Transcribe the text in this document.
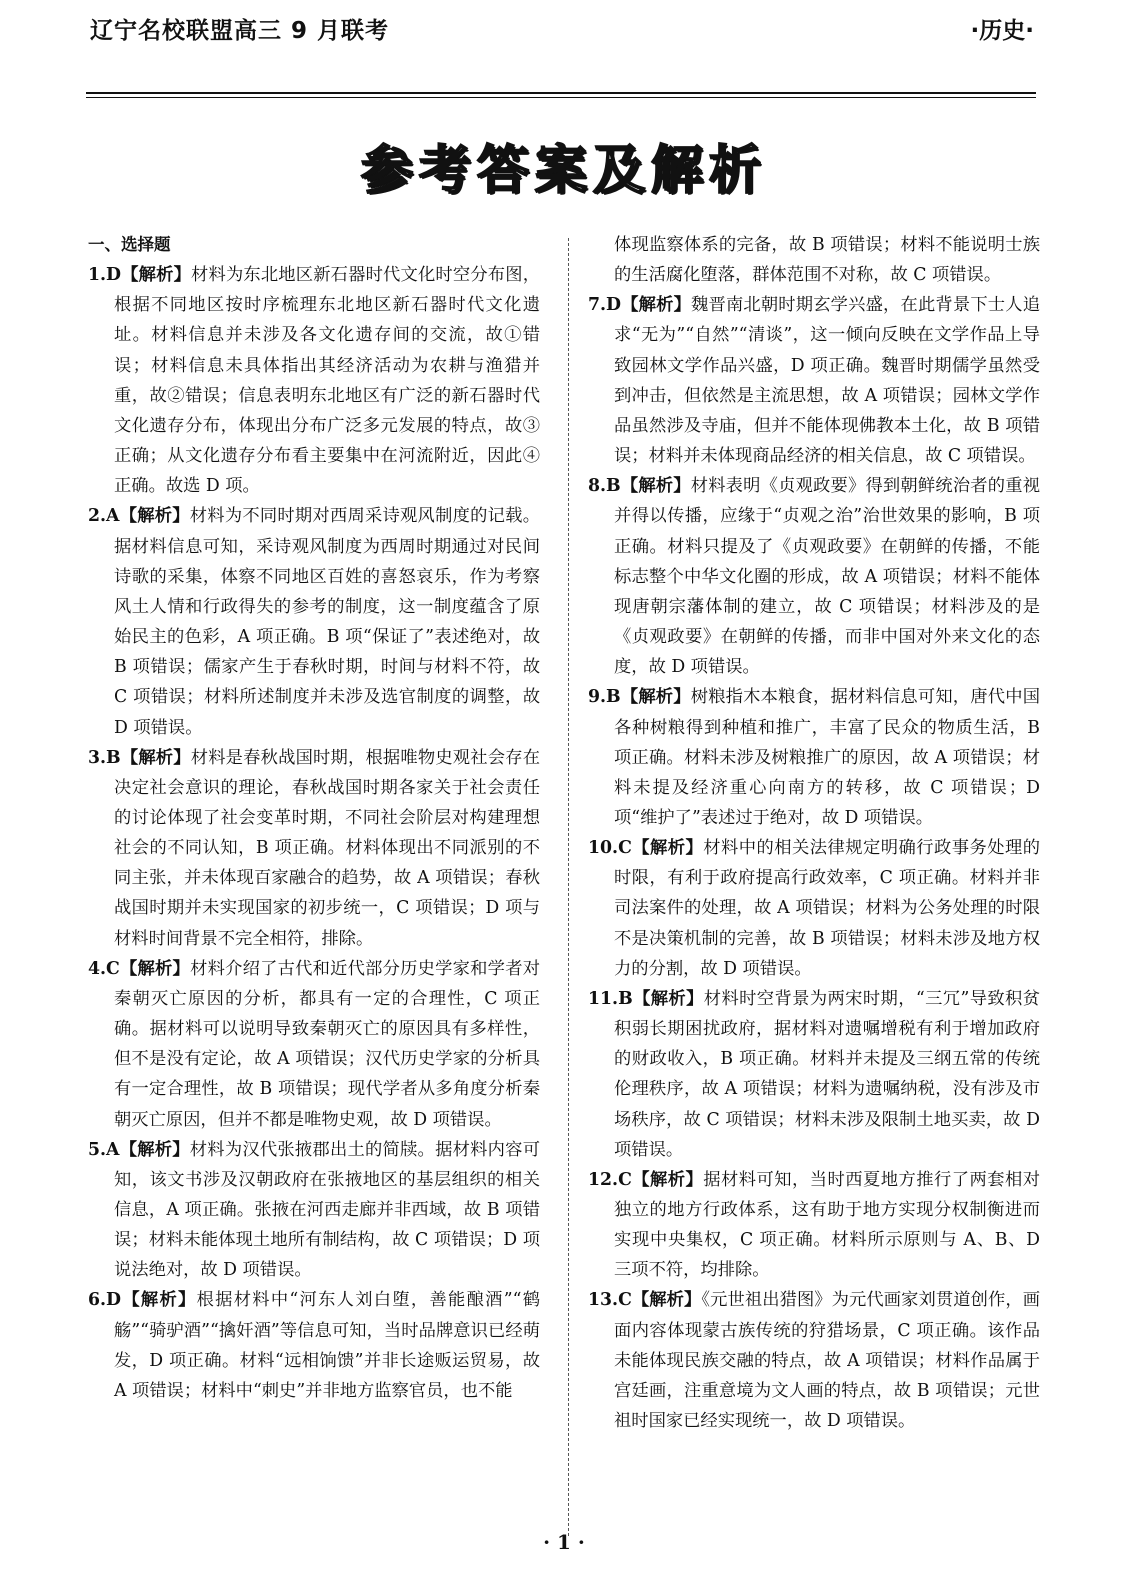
辽宁名校联盟高三 9 月联考	·历史·
参考答案及解析
一、选择题

1.D【解析】材料为东北地区新石器时代文化时空分布图，根据不同地区按时序梳理东北地区新石器时代文化遗址。材料信息并未涉及各文化遗存间的交流，故①错误；材料信息未具体指出其经济活动为农耕与渔猎并重，故②错误；信息表明东北地区有广泛的新石器时代文化遗存分布，体现出分布广泛多元发展的特点，故③正确；从文化遗存分布看主要集中在河流附近，因此④正确。故选 D 项。

2.A【解析】材料为不同时期对西周采诗观风制度的记载。据材料信息可知，采诗观风制度为西周时期通过对民间诗歌的采集，体察不同地区百姓的喜怒哀乐，作为考察风土人情和行政得失的参考的制度，这一制度蕴含了原始民主的色彩，A 项正确。B 项“保证了”表述绝对，故 B 项错误；儒家产生于春秋时期，时间与材料不符，故 C 项错误；材料所述制度并未涉及选官制度的调整，故 D 项错误。

3.B【解析】材料是春秋战国时期，根据唯物史观社会存在决定社会意识的理论，春秋战国时期各家关于社会责任的讨论体现了社会变革时期，不同社会阶层对构建理想社会的不同认知，B 项正确。材料体现出不同派别的不同主张，并未体现百家融合的趋势，故 A 项错误；春秋战国时期并未实现国家的初步统一，C 项错误；D 项与材料时间背景不完全相符，排除。

4.C【解析】材料介绍了古代和近代部分历史学家和学者对秦朝灭亡原因的分析，都具有一定的合理性，C 项正确。据材料可以说明导致秦朝灭亡的原因具有多样性，但不是没有定论，故 A 项错误；汉代历史学家的分析具有一定合理性，故 B 项错误；现代学者从多角度分析秦朝灭亡原因，但并不都是唯物史观，故 D 项错误。

5.A【解析】材料为汉代张掖郡出土的简牍。据材料内容可知，该文书涉及汉朝政府在张掖地区的基层组织的相关信息，A 项正确。张掖在河西走廊并非西域，故 B 项错误；材料未能体现土地所有制结构，故 C 项错误；D 项说法绝对，故 D 项错误。

6.D【解析】根据材料中“河东人刘白堕，善能酿酒”“鹤觞”“骑驴酒”“擒奸酒”等信息可知，当时品牌意识已经萌发，D 项正确。材料“远相饷馈”并非长途贩运贸易，故 A 项错误；材料中“刺史”并非地方监察官员，也不能

体现监察体系的完备，故 B 项错误；材料不能说明士族的生活腐化堕落，群体范围不对称，故 C 项错误。

7.D【解析】魏晋南北朝时期玄学兴盛，在此背景下士人追求“无为”“自然”“清谈”，这一倾向反映在文学作品上导致园林文学作品兴盛，D 项正确。魏晋时期儒学虽然受到冲击，但依然是主流思想，故 A 项错误；园林文学作品虽然涉及寺庙，但并不能体现佛教本土化，故 B 项错误；材料并未体现商品经济的相关信息，故 C 项错误。

8.B【解析】材料表明《贞观政要》得到朝鲜统治者的重视并得以传播，应缘于“贞观之治”治世效果的影响，B 项正确。材料只提及了《贞观政要》在朝鲜的传播，不能标志整个中华文化圈的形成，故 A 项错误；材料不能体现唐朝宗藩体制的建立，故 C 项错误；材料涉及的是《贞观政要》在朝鲜的传播，而非中国对外来文化的态度，故 D 项错误。

9.B【解析】树粮指木本粮食，据材料信息可知，唐代中国各种树粮得到种植和推广，丰富了民众的物质生活，B 项正确。材料未涉及树粮推广的原因，故 A 项错误；材料未提及经济重心向南方的转移，故 C 项错误；D 项“维护了”表述过于绝对，故 D 项错误。

10.C【解析】材料中的相关法律规定明确行政事务处理的时限，有利于政府提高行政效率，C 项正确。材料并非司法案件的处理，故 A 项错误；材料为公务处理的时限不是决策机制的完善，故 B 项错误；材料未涉及地方权力的分割，故 D 项错误。

11.B【解析】材料时空背景为两宋时期，“三冗”导致积贫积弱长期困扰政府，据材料对遗嘱增税有利于增加政府的财政收入，B 项正确。材料并未提及三纲五常的传统伦理秩序，故 A 项错误；材料为遗嘱纳税，没有涉及市场秩序，故 C 项错误；材料未涉及限制土地买卖，故 D 项错误。

12.C【解析】据材料可知，当时西夏地方推行了两套相对独立的地方行政体系，这有助于地方实现分权制衡进而实现中央集权，C 项正确。材料所示原则与 A、B、D 三项不符，均排除。

13.C【解析】《元世祖出猎图》为元代画家刘贯道创作，画面内容体现蒙古族传统的狩猎场景，C 项正确。该作品未能体现民族交融的特点，故 A 项错误；材料作品属于宫廷画，注重意境为文人画的特点，故 B 项错误；元世祖时国家已经实现统一，故 D 项错误。

· 1 ·
